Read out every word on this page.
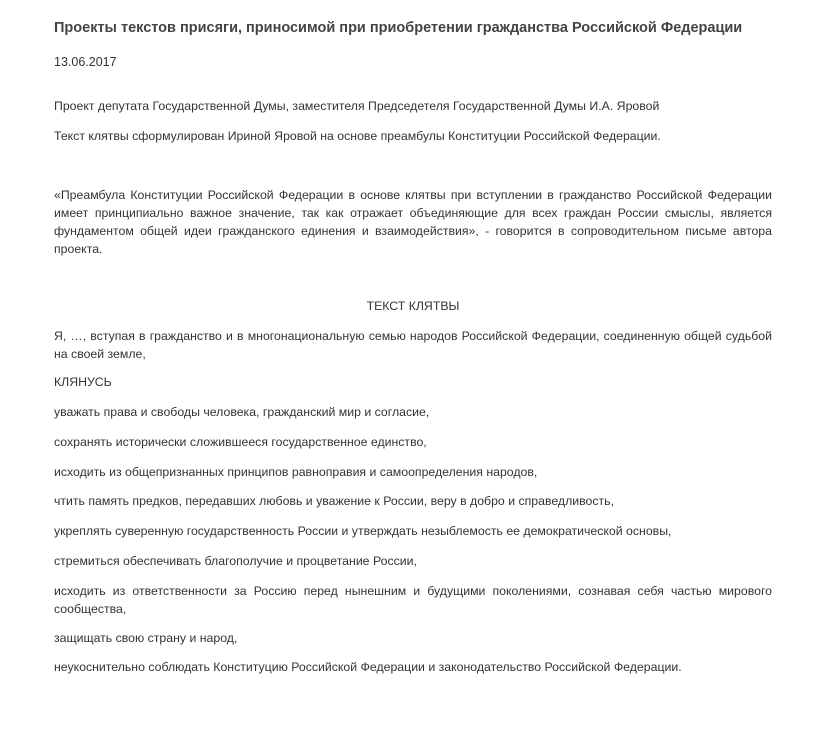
Проекты текстов присяги, приносимой при приобретении гражданства Российской Федерации
13.06.2017
Проект депутата Государственной Думы, заместителя Председетеля Государственной Думы И.А. Яровой
Текст клятвы сформулирован Ириной Яровой на основе преамбулы Конституции Российской Федерации.
«Преамбула Конституции Российской Федерации в основе клятвы при вступлении в гражданство Российской Федерации имеет принципиально важное значение, так как отражает объединяющие для всех граждан России смыслы, является фундаментом общей идеи гражданского единения и взаимодействия», - говорится в сопроводительном письме автора проекта.
ТЕКСТ КЛЯТВЫ
Я, …, вступая в гражданство и в многонациональную семью народов Российской Федерации, соединенную общей судьбой на своей земле,
КЛЯНУСЬ
уважать права и свободы человека, гражданский мир и согласие,
сохранять исторически сложившееся государственное единство,
исходить из общепризнанных принципов равноправия и самоопределения народов,
чтить память предков, передавших любовь и уважение к России, веру в добро и справедливость,
укреплять суверенную государственность России и утверждать незыблемость ее демократической основы,
стремиться обеспечивать благополучие и процветание России,
исходить из ответственности за Россию перед нынешним и будущими поколениями, сознавая себя частью мирового сообщества,
защищать свою страну и народ,
неукоснительно соблюдать Конституцию Российской Федерации и законодательство Российской Федерации.
